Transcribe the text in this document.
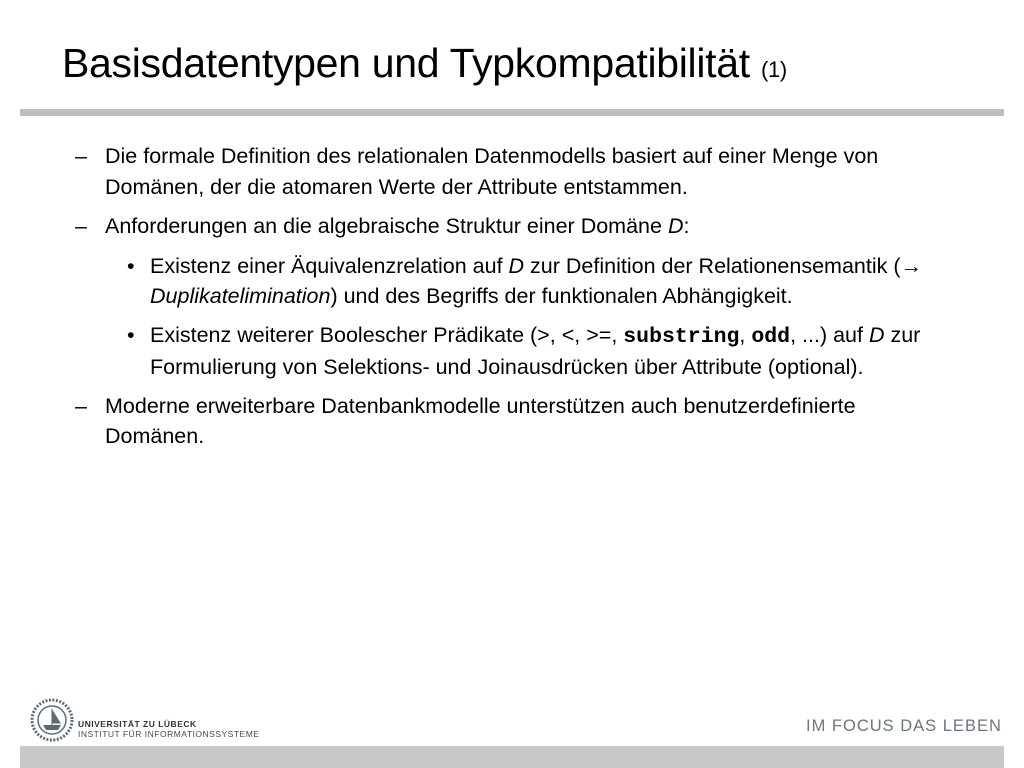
Basisdatentypen und Typkompatibilität (1)
– Die formale Definition des relationalen Datenmodells basiert auf einer Menge von Domänen, der die atomaren Werte der Attribute entstammen.
– Anforderungen an die algebraische Struktur einer Domäne D:
• Existenz einer Äquivalenzrelation auf D zur Definition der Relationensemantik (→ Duplikatelimination) und des Begriffs der funktionalen Abhängigkeit.
• Existenz weiterer Boolescher Prädikate (>, <, >=, substring, odd, ...) auf D zur Formulierung von Selektions- und Joinausdrücken über Attribute (optional).
– Moderne erweiterbare Datenbankmodelle unterstützen auch benutzerdefinierte Domänen.
UNIVERSITÄT ZU LÜBECK
INSTITUT FÜR INFORMATIONSSYSTEME	IM FOCUS DAS LEBEN
